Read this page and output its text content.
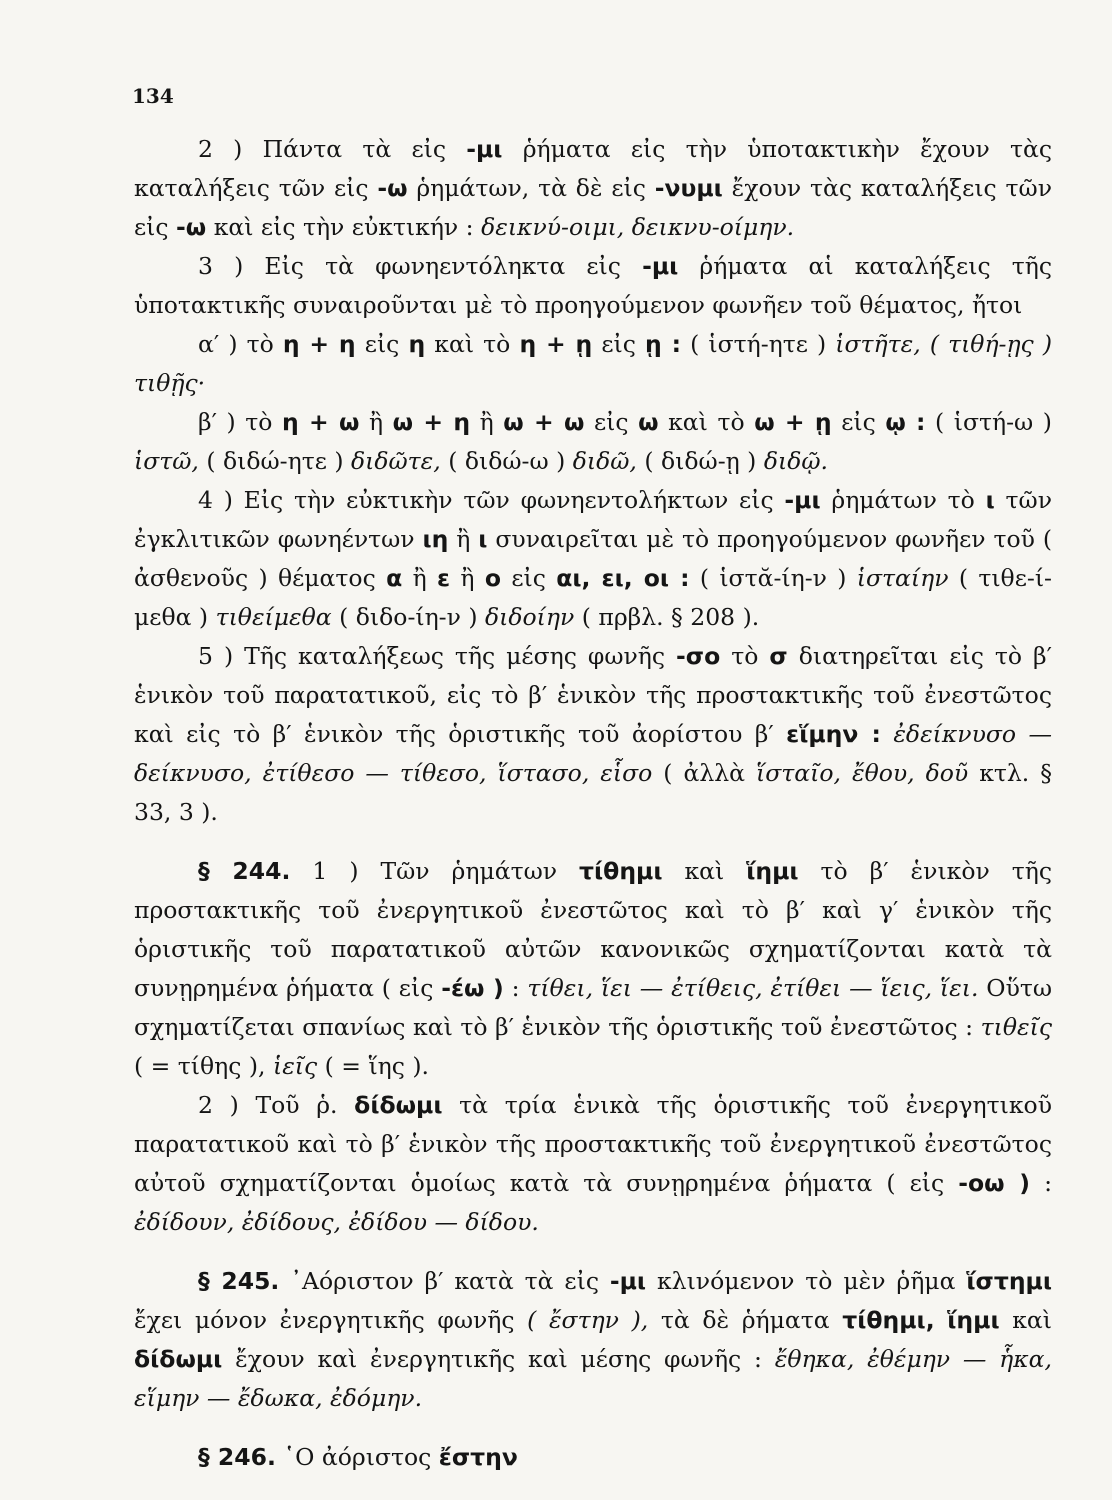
134

2 ) Πάντα τὰ εἰς -μι ῥήματα εἰς τὴν ὑποτακτικὴν ἔχουν τὰς καταλήξεις τῶν εἰς -ω ῥημάτων, τὰ δὲ εἰς -νυμι ἔχουν τὰς καταλήξεις τῶν εἰς -ω καὶ εἰς τὴν εὐκτικήν : δεικνύ-οιμι, δεικνυ-οίμην.

3 ) Εἰς τὰ φωνηεντόληκτα εἰς -μι ῥήματα αἱ καταλήξεις τῆς ὑποτακτικῆς συναιροῦνται μὲ τὸ προηγούμενον φωνῆεν τοῦ θέματος, ἤτοι

α′ ) τὸ η + η εἰς η καὶ τὸ η + ῃ εἰς ῃ : ( ἱστή-ητε ) ἱστῆτε, ( τιθή-ῃς ) τιθῇς·

β′ ) τὸ η + ω ἢ ω + η ἢ ω + ω εἰς ω καὶ τὸ ω + ῃ εἰς ῳ : ( ἱστή-ω ) ἱστῶ, ( διδώ-ητε ) διδῶτε, ( διδώ-ω ) διδῶ, ( διδώ-ῃ ) διδῷ.

4 ) Εἰς τὴν εὐκτικὴν τῶν φωνηεντολήκτων εἰς -μι ῥημάτων τὸ ι τῶν ἐγκλιτικῶν φωνηέντων ιη ἢ ι συναιρεῖται μὲ τὸ προηγούμενον φωνῆεν τοῦ ( ἀσθενοῦς ) θέματος α ἢ ε ἢ ο εἰς αι, ει, οι : ( ἱστᾰ-ίη-ν ) ἱσταίην ( τιθε-ί-μεθα ) τιθείμεθα ( διδο-ίη-ν ) διδοίην ( πρβλ. § 208 ).

5 ) Τῆς καταλήξεως τῆς μέσης φωνῆς -σο τὸ σ διατηρεῖται εἰς τὸ β′ ἑνικὸν τοῦ παρατατικοῦ, εἰς τὸ β′ ἑνικὸν τῆς προστακτικῆς τοῦ ἐνεστῶτος καὶ εἰς τὸ β′ ἑνικὸν τῆς ὁριστικῆς τοῦ ἀορίστου β′ εἵμην : ἐδείκνυσο — δείκνυσο, ἐτίθεσο — τίθεσο, ἵστασο, εἷσο ( ἀλλὰ ἵσταῖο, ἔθου, δοῦ κτλ. § 33, 3 ).

§ 244. 1 ) Τῶν ῥημάτων τίθημι καὶ ἵημι τὸ β′ ἑνικὸν τῆς προστακτικῆς τοῦ ἐνεργητικοῦ ἐνεστῶτος καὶ τὸ β′ καὶ γ′ ἑνικὸν τῆς ὁριστικῆς τοῦ παρατατικοῦ αὐτῶν κανονικῶς σχηματίζονται κατὰ τὰ συνῃρημένα ῥήματα ( εἰς -έω ) : τίθει, ἵει — ἐτίθεις, ἐτίθει — ἵεις, ἵει. Οὕτω σχηματίζεται σπανίως καὶ τὸ β′ ἑνικὸν τῆς ὁριστικῆς τοῦ ἐνεστῶτος : τιθεῖς ( = τίθης ), ἱεῖς ( = ἵης ).

2 ) Τοῦ ῥ. δίδωμι τὰ τρία ἑνικὰ τῆς ὁριστικῆς τοῦ ἐνεργητικοῦ παρατατικοῦ καὶ τὸ β′ ἑνικὸν τῆς προστακτικῆς τοῦ ἐνεργητικοῦ ἐνεστῶτος αὐτοῦ σχηματίζονται ὁμοίως κατὰ τὰ συνῃρημένα ῥήματα ( εἰς -οω ) : ἐδίδουν, ἐδίδους, ἐδίδου — δίδου.

§ 245. ᾿Αόριστον β′ κατὰ τὰ εἰς -μι κλινόμενον τὸ μὲν ῥῆμα ἵστημι ἔχει μόνον ἐνεργητικῆς φωνῆς ( ἔστην ), τὰ δὲ ῥήματα τίθημι, ἵημι καὶ δίδωμι ἔχουν καὶ ἐνεργητικῆς καὶ μέσης φωνῆς : ἔθηκα, ἐθέμην — ἧκα, εἵμην — ἔδωκα, ἐδόμην.

§ 246. ῾Ο ἀόριστος ἔστην
